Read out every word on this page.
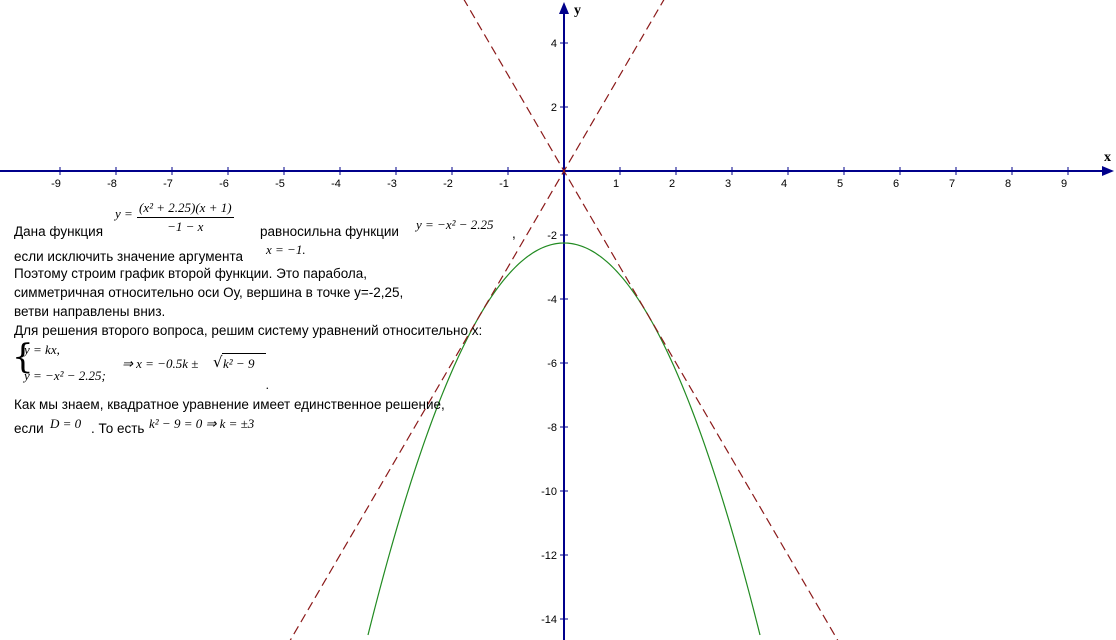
x
y
-9	-8	-7	-6	-5	-4	-3	-2	-1	1	2	3	4	5	6	7	8	9
4
2
-2
-4
-6
-8
-10
-12
-14
Дана функция
$y = \frac{\text{(x² + 2.25)(x + 1)}}{-1 - x}$ равносильна функции y = −x² − 2.25
,
если исключить значение аргумента x = −1.
Поэтому строим график второй функции. Это парабола,
симметричная относительно оси Оу, вершина в точке y=-2,25,
ветви направлены вниз.
Для решения второго вопроса, решим систему уравнений относительно x:
{
y = kx,
y = −x² − 2.25;
⇒ x = −0.5k ± √ k² − 9
.
Как мы знаем, квадратное уравнение имеет единственное решение,
если D = 0 . То есть k² − 9 = 0 ⇒ k = ±3
